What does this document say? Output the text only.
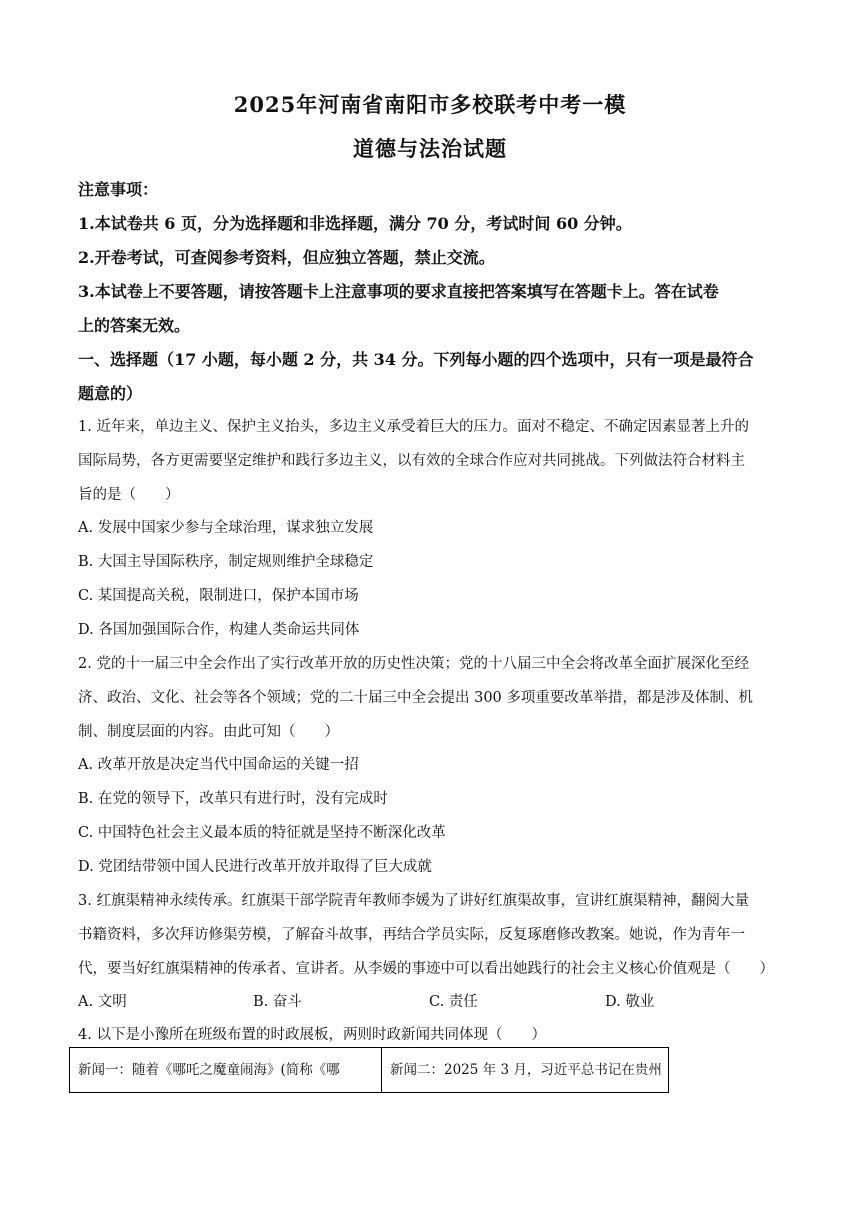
2025年河南省南阳市多校联考中考一模
道德与法治试题
注意事项：
1.本试卷共 6 页，分为选择题和非选择题，满分 70 分，考试时间 60 分钟。
2.开卷考试，可查阅参考资料，但应独立答题，禁止交流。
3.本试卷上不要答题，请按答题卡上注意事项的要求直接把答案填写在答题卡上。答在试卷
上的答案无效。
一、选择题（17 小题，每小题 2 分，共 34 分。下列每小题的四个选项中，只有一项是最符合
题意的）
1. 近年来，单边主义、保护主义抬头，多边主义承受着巨大的压力。面对不稳定、不确定因素显著上升的
国际局势，各方更需要坚定维护和践行多边主义，以有效的全球合作应对共同挑战。下列做法符合材料主
旨的是（　　）
A. 发展中国家少参与全球治理，谋求独立发展
B. 大国主导国际秩序，制定规则维护全球稳定
C. 某国提高关税，限制进口，保护本国市场
D. 各国加强国际合作，构建人类命运共同体
2. 党的十一届三中全会作出了实行改革开放的历史性决策；党的十八届三中全会将改革全面扩展深化至经
济、政治、文化、社会等各个领域；党的二十届三中全会提出 300 多项重要改革举措，都是涉及体制、机
制、制度层面的内容。由此可知（　　）
A. 改革开放是决定当代中国命运的关键一招
B. 在党的领导下，改革只有进行时，没有完成时
C. 中国特色社会主义最本质的特征就是坚持不断深化改革
D. 党团结带领中国人民进行改革开放并取得了巨大成就
3. 红旗渠精神永续传承。红旗渠干部学院青年教师李媛为了讲好红旗渠故事，宣讲红旗渠精神，翻阅大量
书籍资料，多次拜访修渠劳模，了解奋斗故事，再结合学员实际，反复琢磨修改教案。她说，作为青年一
代，要当好红旗渠精神的传承者、宣讲者。从李媛的事迹中可以看出她践行的社会主义核心价值观是（　　）
A. 文明	B. 奋斗	C. 责任	D. 敬业
4. 以下是小豫所在班级布置的时政展板，两则时政新闻共同体现（　　）
新闻一：随着《哪吒之魔童闹海》(简称《哪	新闻二：2025 年 3 月，习近平总书记在贵州
